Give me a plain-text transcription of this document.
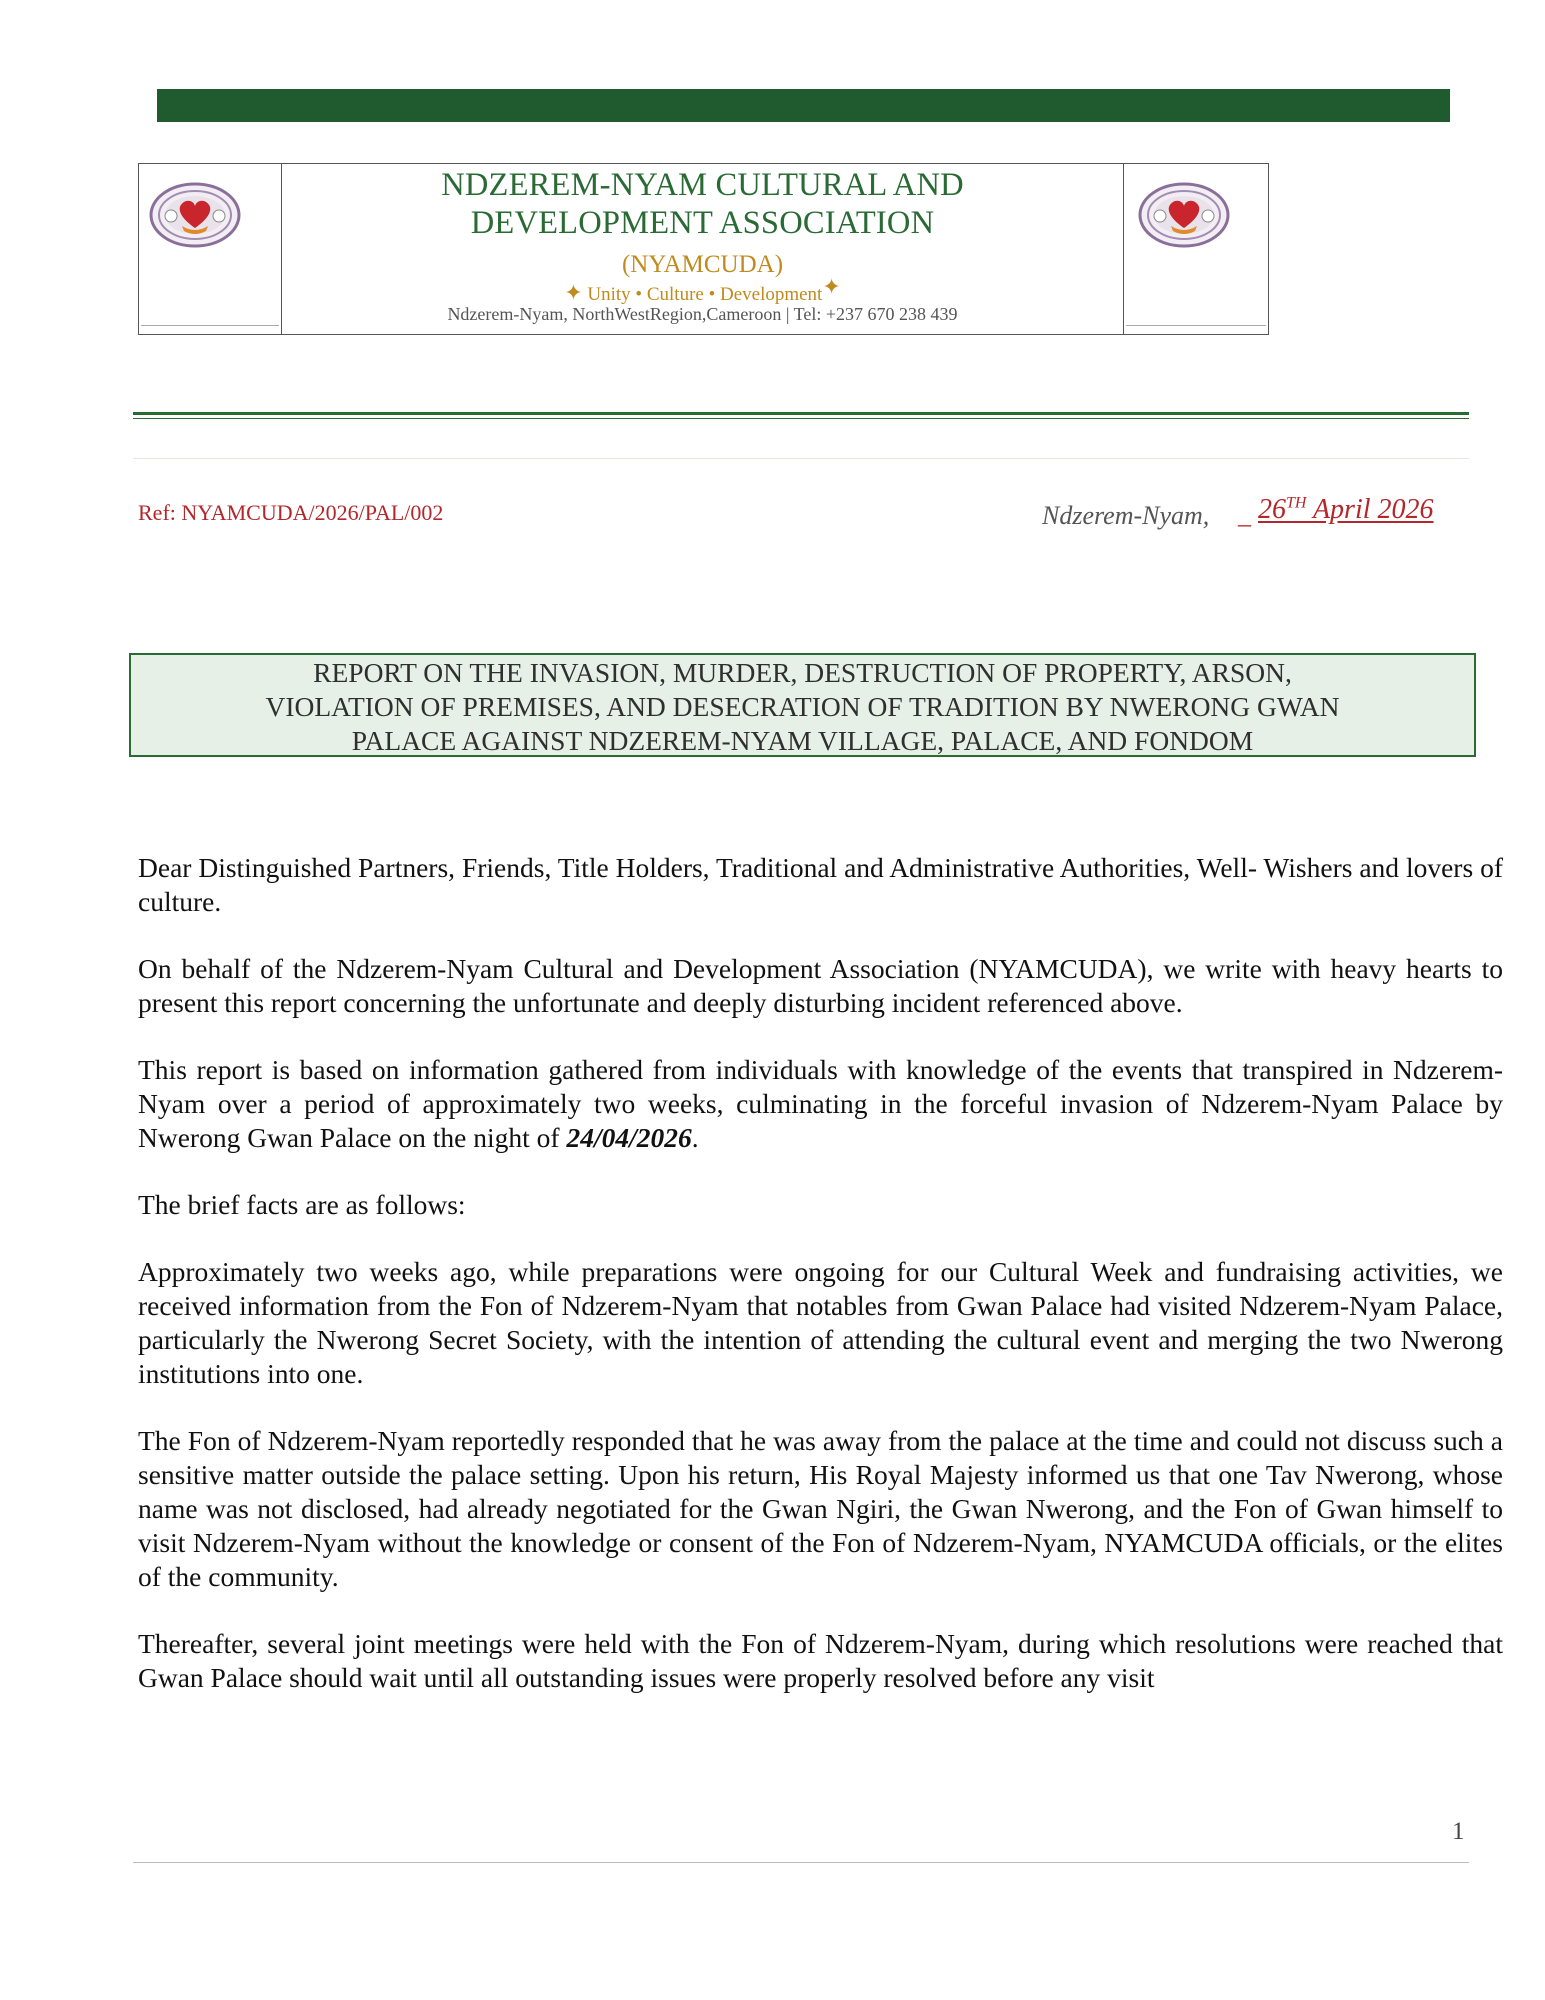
NDZEREM-NYAM CULTURAL AND
DEVELOPMENT ASSOCIATION
(NYAMCUDA)
✦ Unity • Culture • Development✦
Ndzerem-Nyam, NorthWestRegion,Cameroon | Tel: +237 670 238 439
Ref: NYAMCUDA/2026/PAL/002	Ndzerem-Nyam, _ 26TH April 2026
REPORT ON THE INVASION, MURDER, DESTRUCTION OF PROPERTY, ARSON,
VIOLATION OF PREMISES, AND DESECRATION OF TRADITION BY NWERONG GWAN
PALACE AGAINST NDZEREM-NYAM VILLAGE, PALACE, AND FONDOM

Dear Distinguished Partners, Friends, Title Holders, Traditional and Administrative Authorities, Well- Wishers and lovers of culture.

On behalf of the Ndzerem-Nyam Cultural and Development Association (NYAMCUDA), we write with heavy hearts to present this report concerning the unfortunate and deeply disturbing incident referenced above.

This report is based on information gathered from individuals with knowledge of the events that transpired in Ndzerem-Nyam over a period of approximately two weeks, culminating in the forceful invasion of Ndzerem-Nyam Palace by Nwerong Gwan Palace on the night of 24/04/2026.

The brief facts are as follows:

Approximately two weeks ago, while preparations were ongoing for our Cultural Week and fundraising activities, we received information from the Fon of Ndzerem-Nyam that notables from Gwan Palace had visited Ndzerem-Nyam Palace, particularly the Nwerong Secret Society, with the intention of attending the cultural event and merging the two Nwerong institutions into one.

The Fon of Ndzerem-Nyam reportedly responded that he was away from the palace at the time and could not discuss such a sensitive matter outside the palace setting. Upon his return, His Royal Majesty informed us that one Tav Nwerong, whose name was not disclosed, had already negotiated for the Gwan Ngiri, the Gwan Nwerong, and the Fon of Gwan himself to visit Ndzerem-Nyam without the knowledge or consent of the Fon of Ndzerem-Nyam, NYAMCUDA officials, or the elites of the community.

Thereafter, several joint meetings were held with the Fon of Ndzerem-Nyam, during which resolutions were reached that Gwan Palace should wait until all outstanding issues were properly resolved before any visit

1
